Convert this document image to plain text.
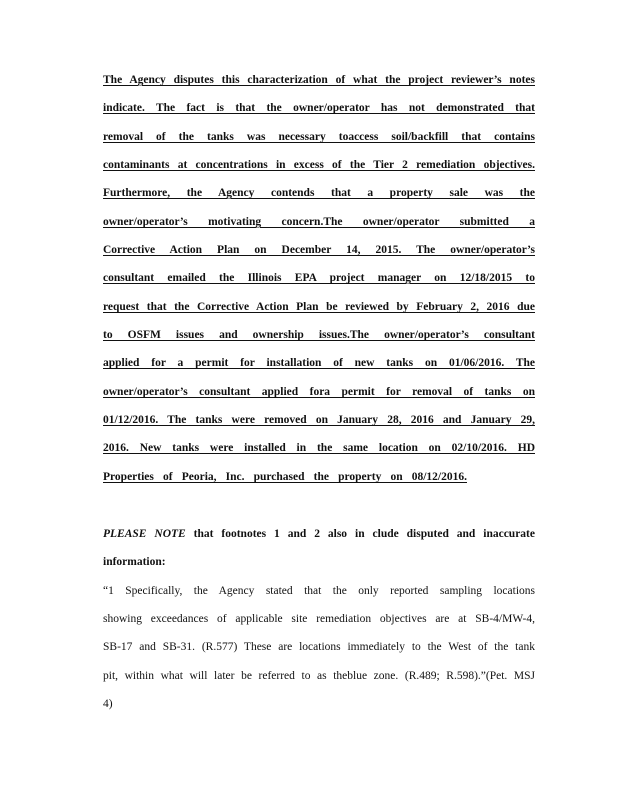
The Agency disputes this characterization of what the project reviewer’s notes
indicate. The fact is that the owner/operator has not demonstrated that
removal of the tanks was necessary toaccess soil/backfill that contains
contaminants at concentrations in excess of the Tier 2 remediation objectives.
Furthermore, the Agency contends that a property sale was the
owner/operator’s motivating concern.The owner/operator submitted a
Corrective Action Plan on December 14, 2015. The owner/operator’s
consultant emailed the Illinois EPA project manager on 12/18/2015 to
request that the Corrective Action Plan be reviewed by February 2, 2016 due
to OSFM issues and ownership issues.The owner/operator’s consultant
applied for a permit for installation of new tanks on 01/06/2016. The
owner/operator’s consultant applied fora permit for removal of tanks on
01/12/2016. The tanks were removed on January 28, 2016 and January 29,
2016. New tanks were installed in the same location on 02/10/2016. HD
Properties of Peoria, Inc. purchased the property on 08/12/2016.
PLEASE NOTE that footnotes 1 and 2 also in clude disputed and inaccurate
information:
“1 Specifically, the Agency stated that the only reported sampling locations
showing exceedances of applicable site remediation objectives are at SB-4/MW-4,
SB-17 and SB-31. (R.577) These are locations immediately to the West of the tank
pit, within what will later be referred to as theblue zone. (R.489; R.598).”(Pet. MSJ
4)
